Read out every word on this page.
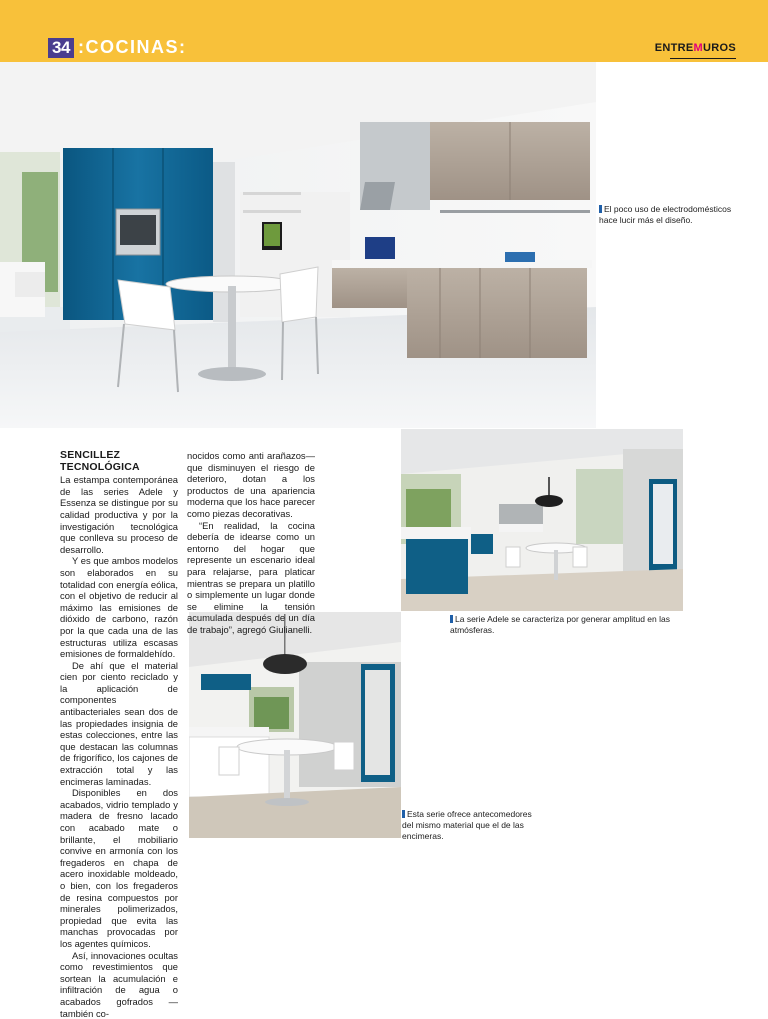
34 :COCINAS:	ENTREMUROS
El poco uso de electrodomésticos hace lucir más el diseño.
La serie Adele se caracteriza por generar amplitud en las atmósferas.
Esta serie ofrece antecomedores del mismo material que el de las encimeras.

SENCILLEZ TECNOLÓGICA

La estampa contemporánea de las series Adele y Essenza se distingue por su calidad productiva y por la investigación tecnológica que conlleva su proceso de desarrollo.

Y es que ambos modelos son elaborados en su totalidad con energía eólica, con el objetivo de reducir al máximo las emisiones de dióxido de carbono, razón por la que cada una de las estructuras utiliza escasas emisiones de formaldehído.

De ahí que el material cien por ciento reciclado y la aplicación de componentes antibacteriales sean dos de las propiedades insignia de estas colecciones, entre las que destacan las columnas de frigorífico, los cajones de extracción total y las encimeras laminadas.

Disponibles en dos acabados, vidrio templado y madera de fresno lacado con acabado mate o brillante, el mobiliario convive en armonía con los fregaderos en chapa de acero inoxidable moldeado, o bien, con los fregaderos de resina compuestos por minerales polimerizados, propiedad que evita las manchas provocadas por los agentes químicos.

Así, innovaciones ocultas como revestimientos que sortean la acumulación e infiltración de agua o acabados gofrados —también co-

nocidos como anti arañazos— que disminuyen el riesgo de deterioro, dotan a los productos de una apariencia moderna que los hace parecer como piezas decorativas.

“En realidad, la cocina debería de idearse como un entorno del hogar que represente un escenario ideal para relajarse, para platicar mientras se prepara un platillo o simplemente un lugar donde se elimine la tensión acumulada después de un día de trabajo”, agregó Giulianelli.
